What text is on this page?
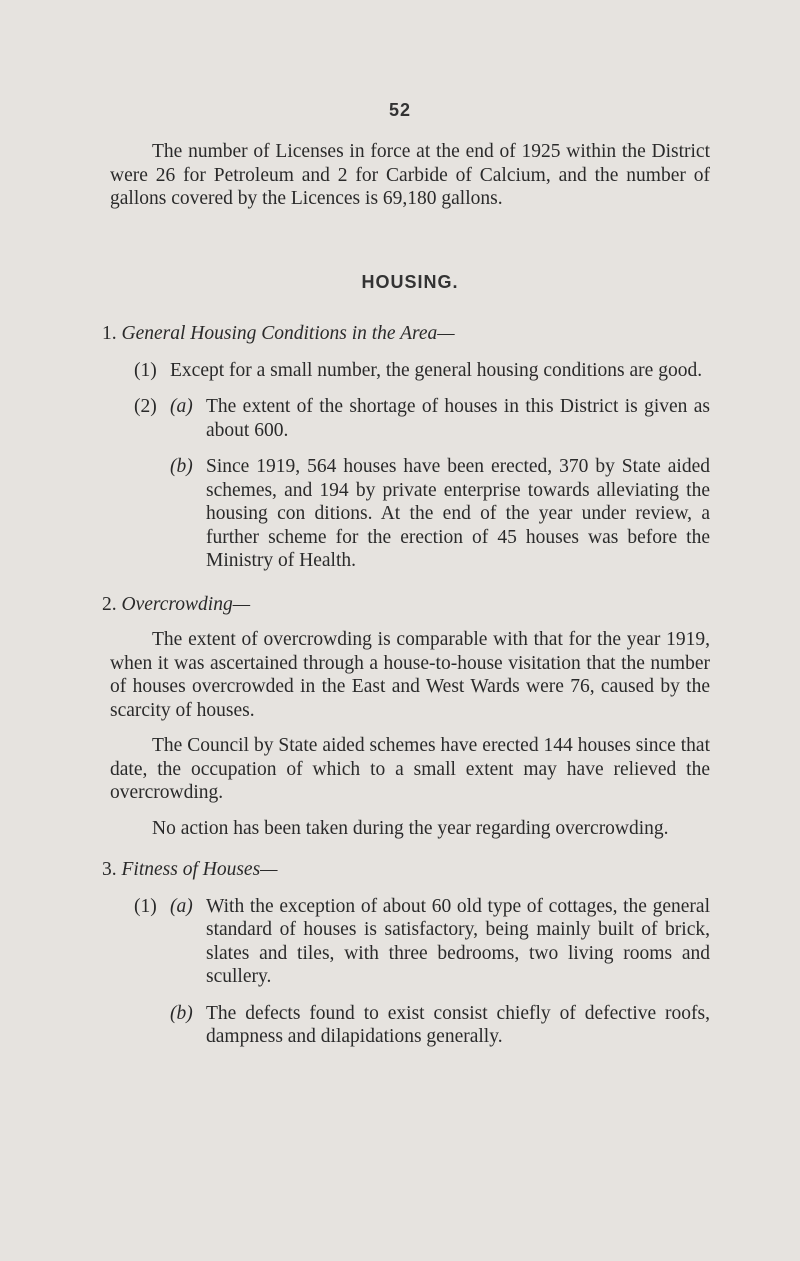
52

The number of Licenses in force at the end of 1925 within the District were 26 for Petroleum and 2 for Carbide of Calcium, and the number of gallons covered by the Licences is 69,180 gallons.

HOUSING.

1. General Housing Conditions in the Area—

(1) Except for a small number, the general housing conditions are good.
(2) (a) The extent of the shortage of houses in this District is given as about 600.
(b) Since 1919, 564 houses have been erected, 370 by State aided schemes, and 194 by private enterprise towards alleviating the housing con ditions. At the end of the year under review, a further scheme for the erection of 45 houses was before the Ministry of Health.

2. Overcrowding—

The extent of overcrowding is comparable with that for the year 1919, when it was ascertained through a house-to-house visitation that the number of houses overcrowded in the East and West Wards were 76, caused by the scarcity of houses.

The Council by State aided schemes have erected 144 houses since that date, the occupation of which to a small extent may have relieved the overcrowding.

No action has been taken during the year regarding overcrowding.

3. Fitness of Houses—

(1) (a) With the exception of about 60 old type of cottages, the general standard of houses is satisfactory, being mainly built of brick, slates and tiles, with three bedrooms, two living rooms and scullery.
(b) The defects found to exist consist chiefly of defective roofs, dampness and dilapidations generally.
